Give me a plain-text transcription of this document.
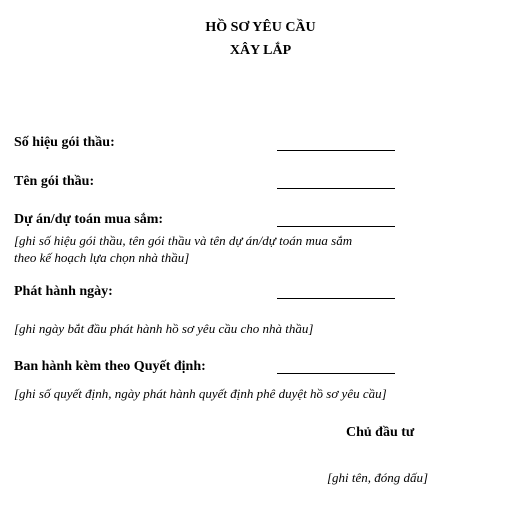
HỒ SƠ YÊU CẦU
XÂY LẮP
Số hiệu gói thầu:
Tên gói thầu:
Dự án/dự toán mua sắm:
[ghi số hiệu gói thầu, tên gói thầu và tên dự án/dự toán mua sắm
theo kế hoạch lựa chọn nhà thầu]
Phát hành ngày:
[ghi ngày bắt đầu phát hành hồ sơ yêu cầu cho nhà thầu]
Ban hành kèm theo Quyết định:
[ghi số quyết định, ngày phát hành quyết định phê duyệt hồ sơ yêu cầu]
Chủ đầu tư
[ghi tên, đóng dấu]
